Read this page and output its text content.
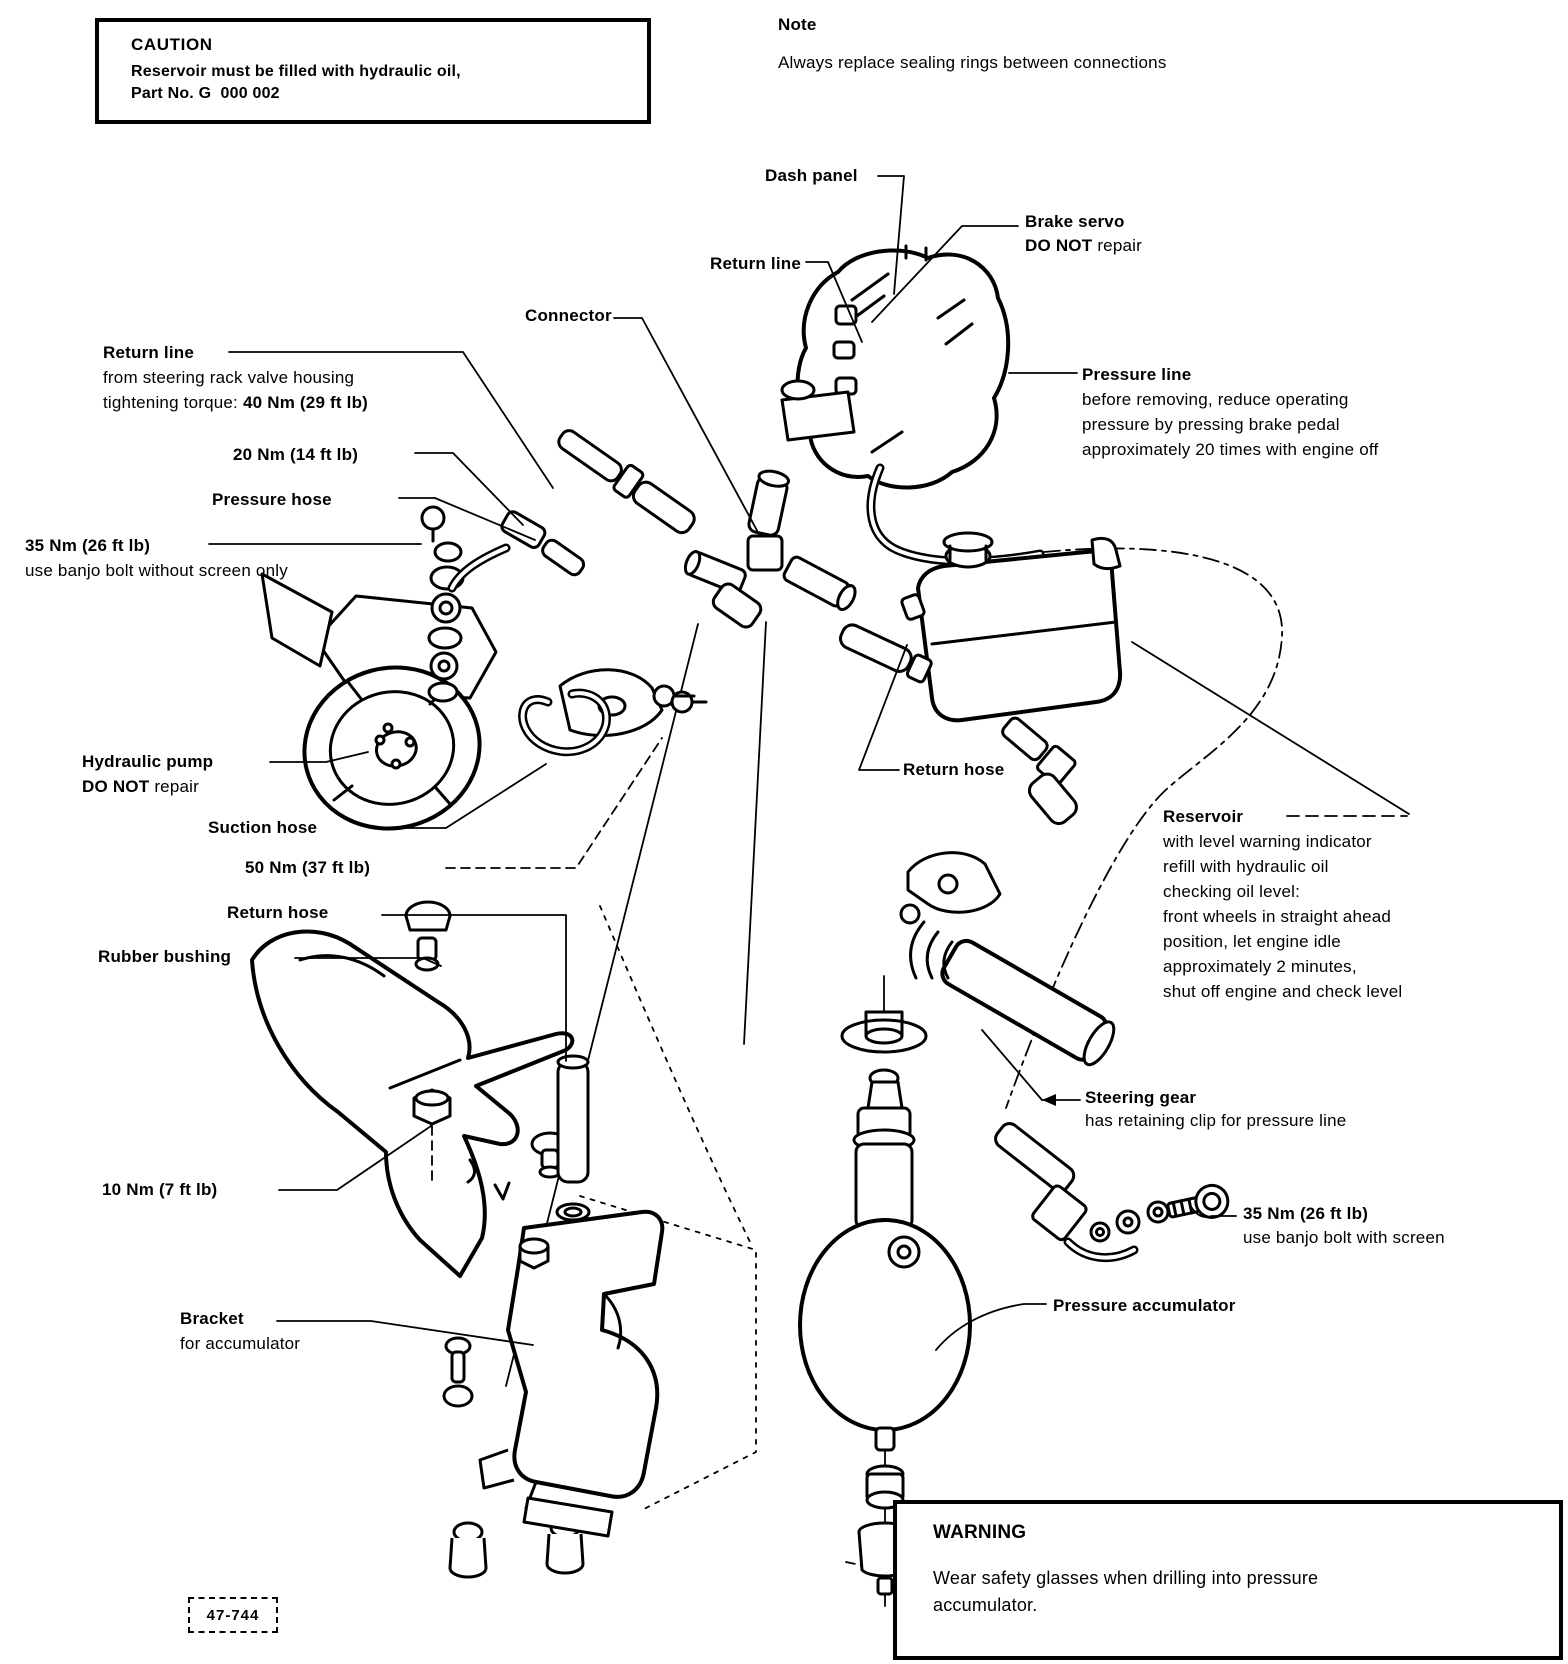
CAUTION
Reservoir must be filled with hydraulic oil,
Part No. G  000 002
Note
Always replace sealing rings between connections
Dash panel
Brake servo
DO NOT repair
Return line
Connector
Pressure line
before removing, reduce operating
pressure by pressing brake pedal
approximately 20 times with engine off
Return line
from steering rack valve housing
tightening torque: 40 Nm (29 ft lb)
20 Nm (14 ft lb)
Pressure hose
35 Nm (26 ft lb)
use banjo bolt without screen only
Hydraulic pump
DO NOT repair
Suction hose
50 Nm (37 ft lb)
Return hose
Rubber bushing
Return hose
Reservoir
with level warning indicator
refill with hydraulic oil
checking oil level:
front wheels in straight ahead
position, let engine idle
approximately 2 minutes,
shut off engine and check level
Steering gear
has retaining clip for pressure line
10 Nm (7 ft lb)
35 Nm (26 ft lb)
use banjo bolt with screen
Bracket
for accumulator
Pressure accumulator
47-744
WARNING
Wear safety glasses when drilling into pressure
accumulator.
